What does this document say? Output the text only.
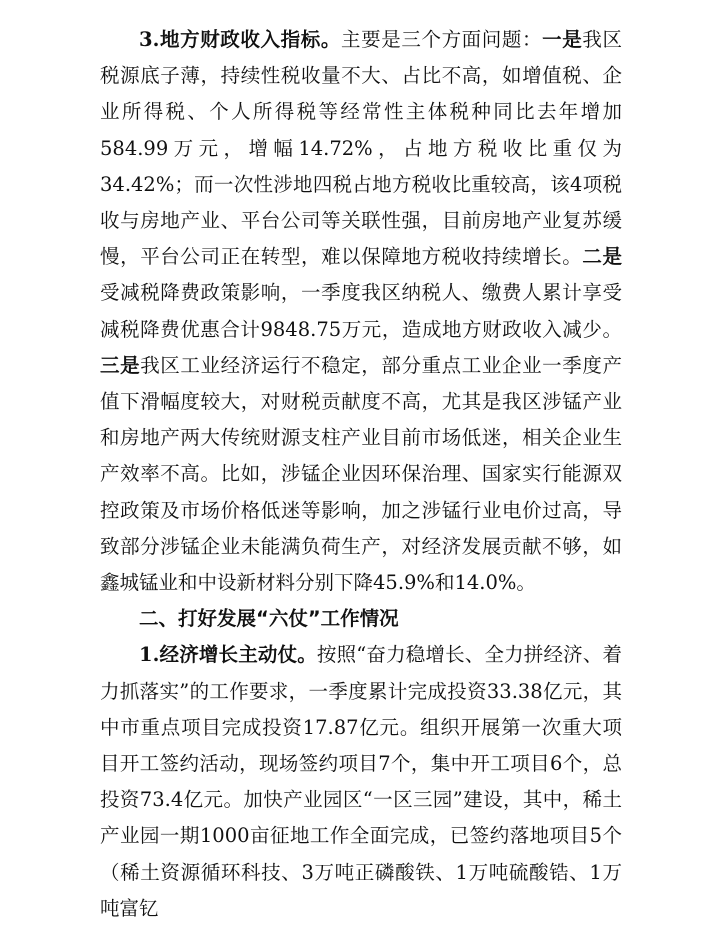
3.地方财政收入指标。主要是三个方面问题：一是我区税源底子薄，持续性税收量不大、占比不高，如增值税、企业所得税、个人所得税等经常性主体税种同比去年增加584.99万元，增幅14.72%，占地方税收比重仅为34.42%；而一次性涉地四税占地方税收比重较高，该4项税收与房地产业、平台公司等关联性强，目前房地产业复苏缓慢，平台公司正在转型，难以保障地方税收持续增长。二是受减税降费政策影响，一季度我区纳税人、缴费人累计享受减税降费优惠合计9848.75万元，造成地方财政收入减少。三是我区工业经济运行不稳定，部分重点工业企业一季度产值下滑幅度较大，对财税贡献度不高，尤其是我区涉锰产业和房地产两大传统财源支柱产业目前市场低迷，相关企业生产效率不高。比如，涉锰企业因环保治理、国家实行能源双控政策及市场价格低迷等影响，加之涉锰行业电价过高，导致部分涉锰企业未能满负荷生产，对经济发展贡献不够，如鑫城锰业和中设新材料分别下降45.9%和14.0%。

二、打好发展“六仗”工作情况

1.经济增长主动仗。按照“奋力稳增长、全力拼经济、着力抓落实”的工作要求，一季度累计完成投资33.38亿元，其中市重点项目完成投资17.87亿元。组织开展第一次重大项目开工签约活动，现场签约项目7个，集中开工项目6个，总投资73.4亿元。加快产业园区“一区三园”建设，其中，稀土产业园一期1000亩征地工作全面完成，已签约落地项目5个（稀土资源循环科技、3万吨正磷酸铁、1万吨硫酸锆、1万吨富钇
